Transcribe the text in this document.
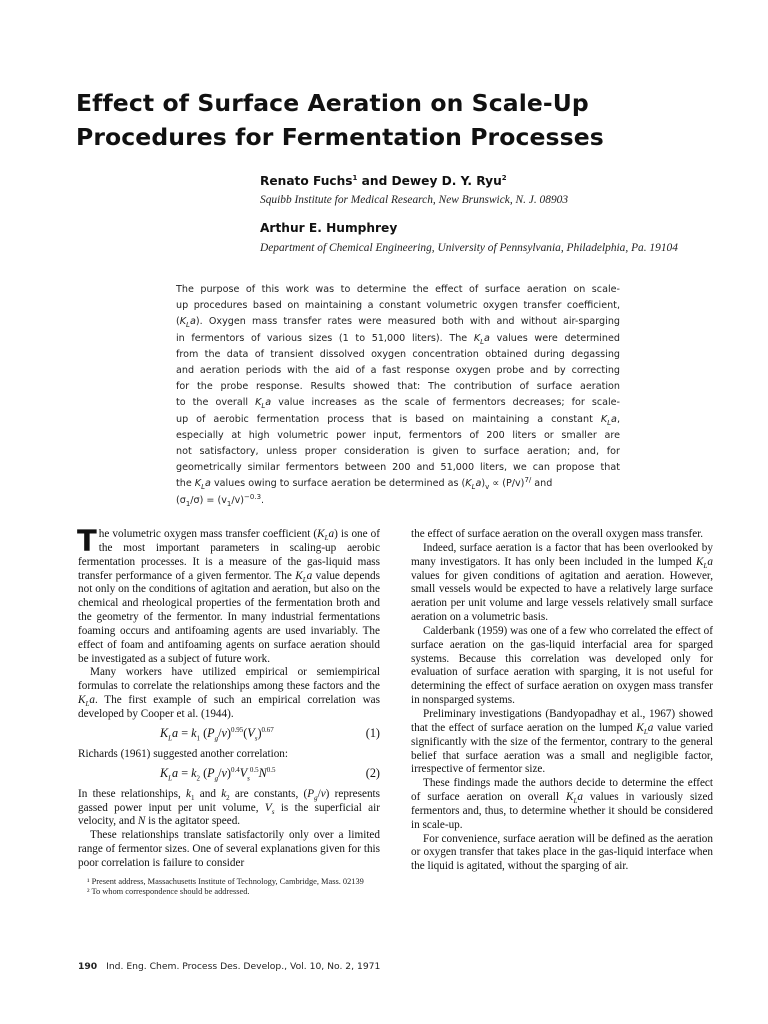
Effect of Surface Aeration on Scale-Up
Procedures for Fermentation Processes
Renato Fuchs$^1$ and Dewey D. Y. Ryu$^2$
Squibb Institute for Medical Research, New Brunswick, N. J. 08903
Arthur E. Humphrey
Department of Chemical Engineering, University of Pennsylvania, Philadelphia, Pa. 19104
The purpose of this work was to determine the effect of surface aeration on scale-
up procedures based on maintaining a constant volumetric oxygen transfer coefficient,
$(K_La)$. Oxygen mass transfer rates were measured both with and without air-sparging
in fermentors of various sizes (1 to 51,000 liters). The $K_La$ values were determined
from the data of transient dissolved oxygen concentration obtained during degassing
and aeration periods with the aid of a fast response oxygen probe and by correcting
for the probe response. Results showed that: The contribution of surface aeration
to the overall $K_La$ value increases as the scale of fermentors decreases; for scale-
up of aerobic fermentation process that is based on maintaining a constant $K_La$,
especially at high volumetric power input, fermentors of 200 liters or smaller are
not satisfactory, unless proper consideration is given to surface aeration; and, for
geometrically similar fermentors between 200 and 51,000 liters, we can propose that
the $K_La$ values owing to surface aeration be determined as $(K_La)_v \propto (P/v)^{7/}$ and
$(\sigma_1/\sigma) = (v_1/v)^{-0.3}$.

The volumetric oxygen mass transfer coefficient $(K_La)$ is one of the most important parameters in scaling-up aerobic fermentation processes. It is a measure of the gas-liquid mass transfer performance of a given fermentor. The $K_La$ value depends not only on the conditions of agitation and aeration, but also on the chemical and rheological properties of the fermentation broth and the geometry of the fermentor. In many industrial fermentations foaming occurs and antifoaming agents are used invariably. The effect of foam and antifoaming agents on surface aeration should be investigated as a subject of future work.

Many workers have utilized empirical or semiempirical formulas to correlate the relationships among these factors and the $K_La$. The first example of such an empirical correlation was developed by Cooper et al. (1944).

$K_La = k_1$ $(P_g/v)^{0.95}(V_s)^{0.67}$	(1)

Richards (1961) suggested another correlation:

$K_La = k_2$ $(P_g/v)^{0.4}V_s^{0.5}N^{0.5}$	(2)

In these relationships, $k_1$ and $k_2$ are constants, $(P_g/v)$ represents gassed power input per unit volume, $V_s$ is the superficial air velocity, and N is the agitator speed.

These relationships translate satisfactorily only over a limited range of fermentor sizes. One of several explanations given for this poor correlation is failure to consider

¹ Present address, Massachusetts Institute of Technology, Cambridge, Mass. 02139

² To whom correspondence should be addressed.

the effect of surface aeration on the overall oxygen mass transfer.

Indeed, surface aeration is a factor that has been overlooked by many investigators. It has only been included in the lumped $K_La$ values for given conditions of agitation and aeration. However, small vessels would be expected to have a relatively large surface aeration per unit volume and large vessels relatively small surface aeration on a volumetric basis.

Calderbank (1959) was one of a few who correlated the effect of surface aeration on the gas-liquid interfacial area for sparged systems. Because this correlation was developed only for evaluation of surface aeration with sparging, it is not useful for determining the effect of surface aeration on oxygen mass transfer in nonsparged systems.

Preliminary investigations (Bandyopadhay et al., 1967) showed that the effect of surface aeration on the lumped $K_La$ value varied significantly with the size of the fermentor, contrary to the general belief that surface aeration was a small and negligible factor, irrespective of fermentor size.

These findings made the authors decide to determine the effect of surface aeration on overall $K_La$ values in variously sized fermentors and, thus, to determine whether it should be considered in scale-up.

For convenience, surface aeration will be defined as the aeration or oxygen transfer that takes place in the gas-liquid interface when the liquid is agitated, without the sparging of air.

190 Ind. Eng. Chem. Process Des. Develop., Vol. 10, No. 2, 1971
